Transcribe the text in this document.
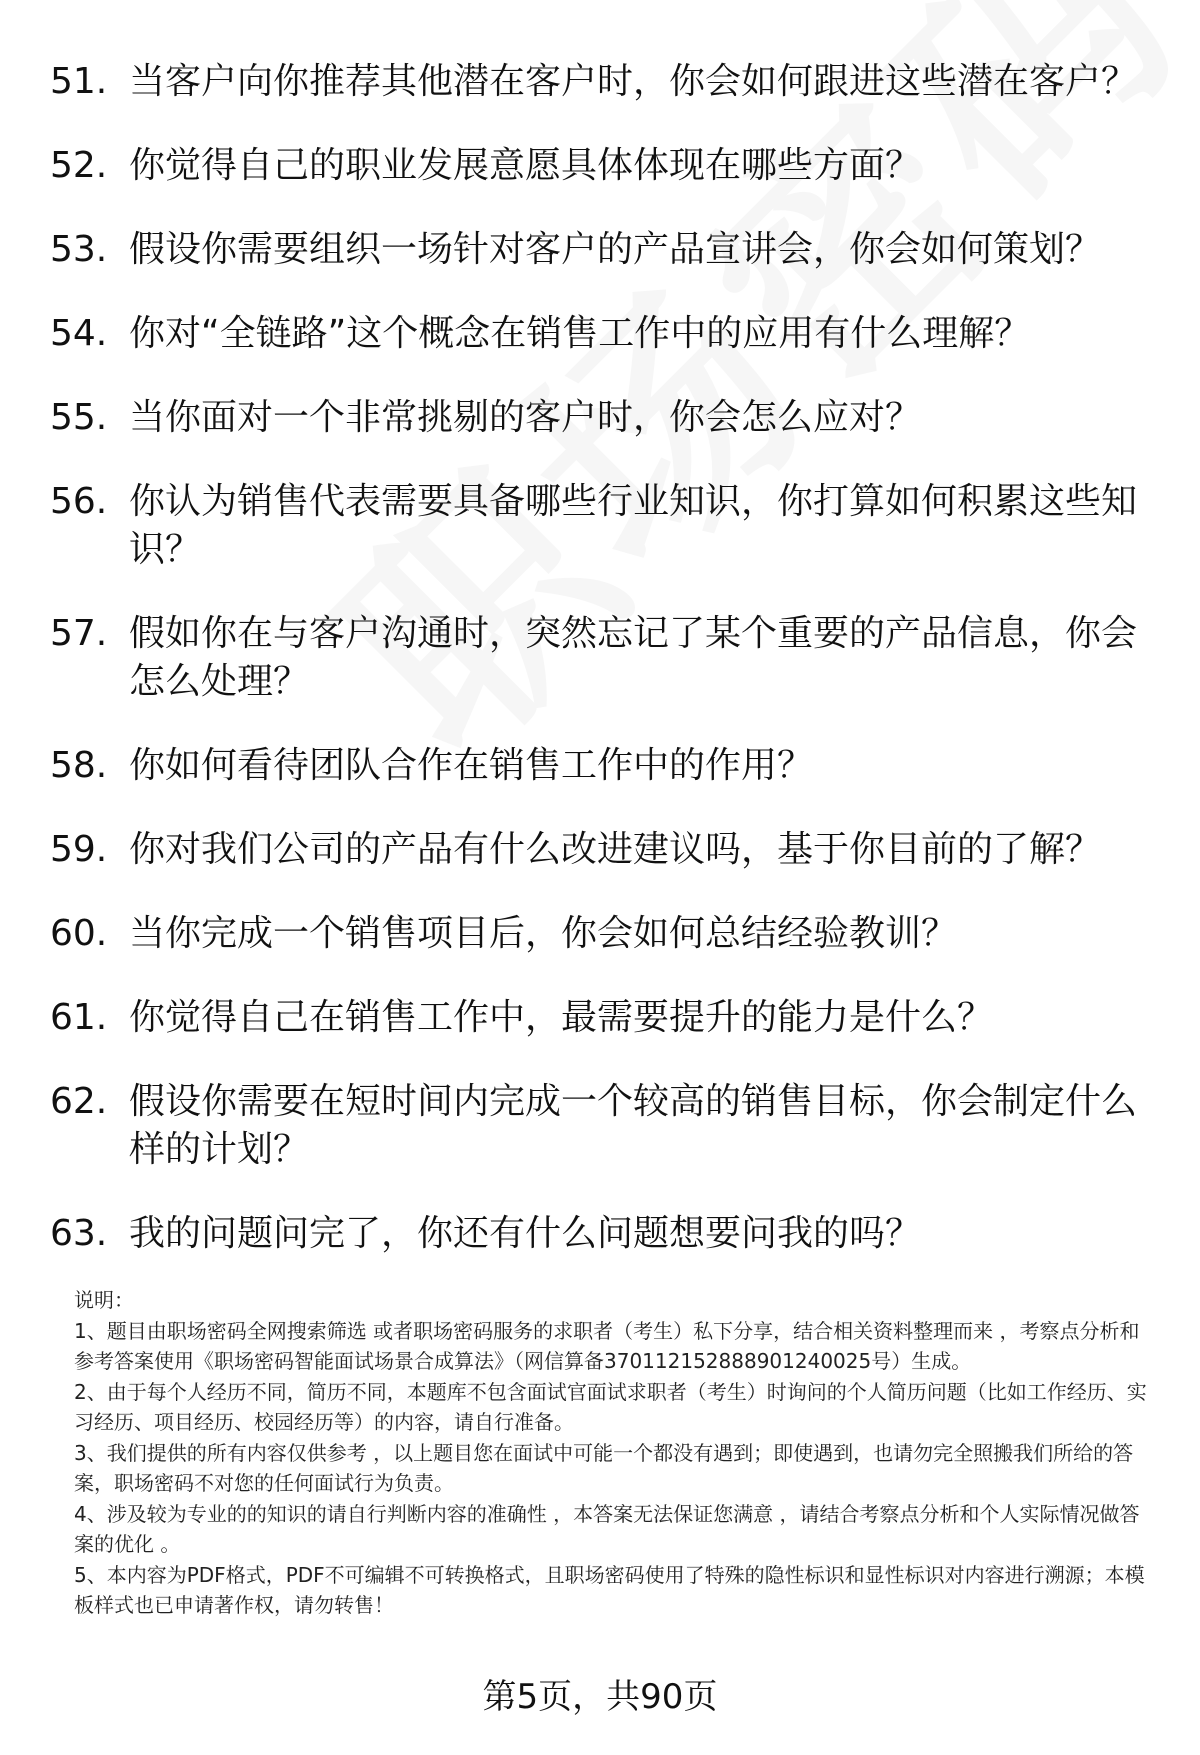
51. 当客户向你推荐其他潜在客户时，你会如何跟进这些潜在客户？
52. 你觉得自己的职业发展意愿具体体现在哪些方面？
53. 假设你需要组织一场针对客户的产品宣讲会，你会如何策划？
54. 你对“全链路”这个概念在销售工作中的应用有什么理解？
55. 当你面对一个非常挑剔的客户时，你会怎么应对？
56. 你认为销售代表需要具备哪些行业知识，你打算如何积累这些知识？
57. 假如你在与客户沟通时，突然忘记了某个重要的产品信息，你会怎么处理？
58. 你如何看待团队合作在销售工作中的作用？
59. 你对我们公司的产品有什么改进建议吗，基于你目前的了解？
60. 当你完成一个销售项目后，你会如何总结经验教训？
61. 你觉得自己在销售工作中，最需要提升的能力是什么？
62. 假设你需要在短时间内完成一个较高的销售目标，你会制定什么样的计划？
63. 我的问题问完了，你还有什么问题想要问我的吗？

说明：

1、题目由职场密码全网搜索筛选 或者职场密码服务的求职者（考生）私下分享，结合相关资料整理而来 ，考察点分析和参考答案使用《职场密码智能面试场景合成算法》（网信算备370112152888901240025号）生成。

2、由于每个人经历不同，简历不同，本题库不包含面试官面试求职者（考生）时询问的个人简历问题（比如工作经历、实习经历、项目经历、校园经历等）的内容，请自行准备。

3、我们提供的所有内容仅供参考 ，以上题目您在面试中可能一个都没有遇到；即使遇到，也请勿完全照搬我们所给的答案，职场密码不对您的任何面试行为负责。

4、涉及较为专业的的知识的请自行判断内容的准确性 ，本答案无法保证您满意 ，请结合考察点分析和个人实际情况做答案的优化 。

5、本内容为PDF格式，PDF不可编辑不可转换格式，且职场密码使用了特殊的隐性标识和显性标识对内容进行溯源；本模板样式也已申请著作权，请勿转售！

第5页，共90页
